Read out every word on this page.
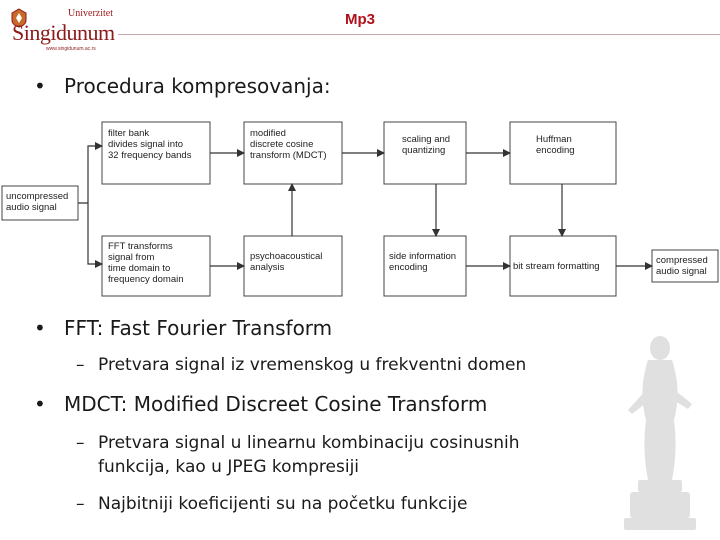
Univerzitet
Singidunum
www.singidunum.ac.rs
Mp3
• Procedura kompresovanja:
uncompressed audio signal
filter bank divides signal into 32 frequency bands
modified discrete cosine transform (MDCT)
scaling and quantizing
Huffman encoding
FFT transforms signal from time domain to frequency domain
psychoacoustical analysis
side information encoding	bit stream formatting
compressed audio signal
• FFT: Fast Fourier Transform
– Pretvara signal iz vremenskog u frekventni domen
• MDCT: Modified Discreet Cosine Transform
– Pretvara signal u linearnu kombinaciju cosinusnih
funkcija, kao u JPEG kompresiji
– Najbitniji koeficijenti su na početku funkcije
